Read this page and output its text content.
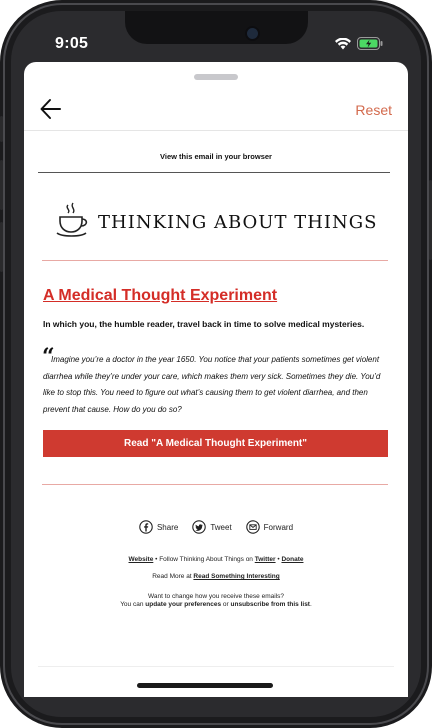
9:05
Reset
View this email in your browser
THINKING ABOUT THINGS
A Medical Thought Experiment
In which you, the humble reader, travel back in time to solve medical mysteries.
“
Imagine you’re a doctor in the year 1650. You notice that your patients sometimes get violent
diarrhea while they’re under your care, which makes them very sick. Sometimes they die. You’d
like to stop this. You need to figure out what’s causing them to get violent diarrhea, and then
prevent that cause. How do you do so?
Read "A Medical Thought Experiment"
Share	Tweet	Forward
Website • Follow Thinking About Things on Twitter • Donate
Read More at Read Something Interesting
Want to change how you receive these emails?
You can update your preferences or unsubscribe from this list.
